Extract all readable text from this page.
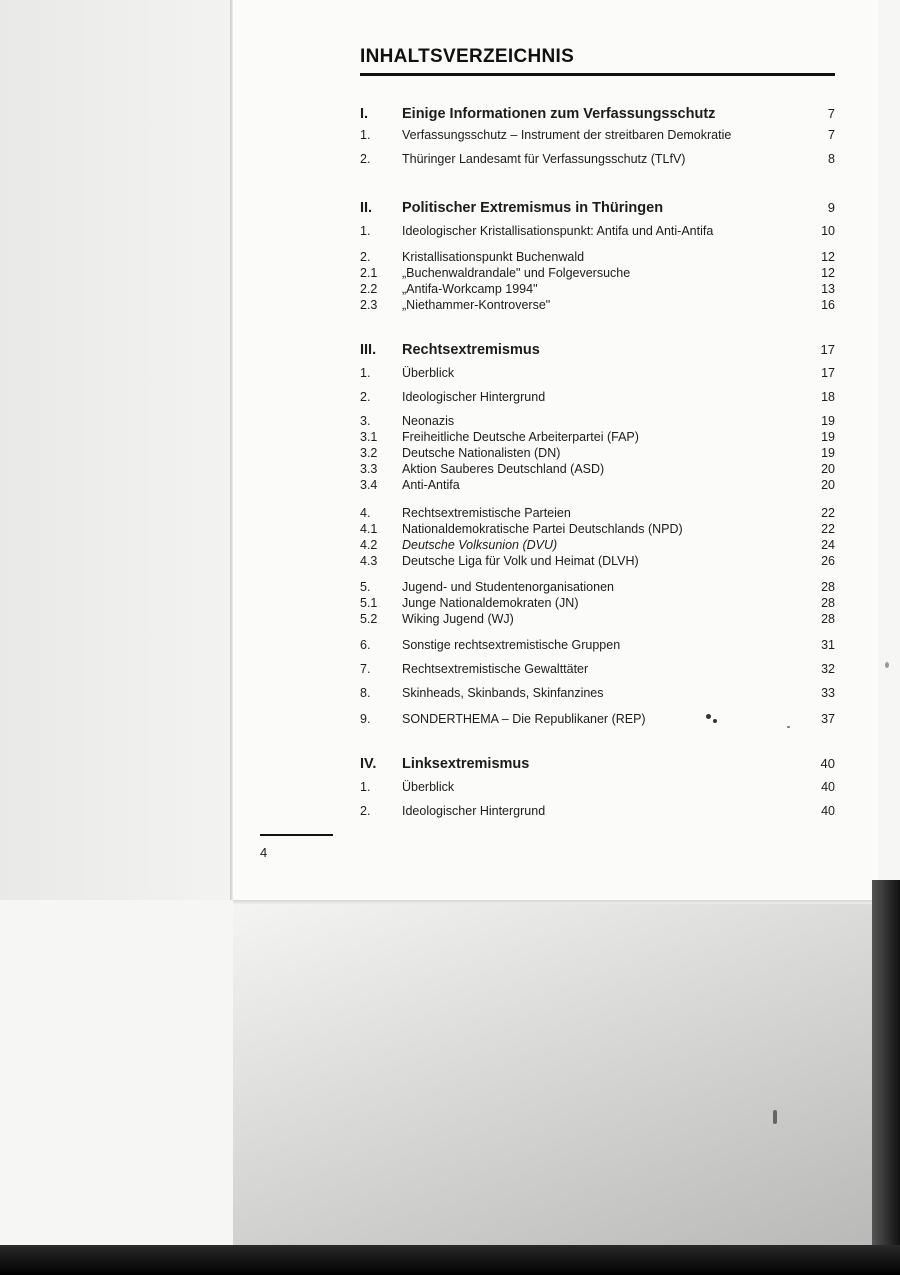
INHALTSVERZEICHNIS
I. Einige Informationen zum Verfassungsschutz	7
1.	Verfassungsschutz – Instrument der streitbaren Demokratie	7
2.	Thüringer Landesamt für Verfassungsschutz (TLfV)	8
II. Politischer Extremismus in Thüringen	9
1.	Ideologischer Kristallisationspunkt: Antifa und Anti-Antifa	10
2.	Kristallisationspunkt Buchenwald	12
2.1 „Buchenwaldrandale" und Folgeversuche	12
2.2 „Antifa-Workcamp 1994"	13
2.3 „Niethammer-Kontroverse"	16
III. Rechtsextremismus	17
1.	Überblick	17
2.	Ideologischer Hintergrund	18
3.	Neonazis	19
3.1 Freiheitliche Deutsche Arbeiterpartei (FAP)	19
3.2 Deutsche Nationalisten (DN)	19
3.3 Aktion Sauberes Deutschland (ASD)	20
3.4 Anti-Antifa	20
4.	Rechtsextremistische Parteien	22
4.1 Nationaldemokratische Partei Deutschlands (NPD)	22
4.2 Deutsche Volksunion (DVU)	24
4.3 Deutsche Liga für Volk und Heimat (DLVH)	26
5.	Jugend- und Studentenorganisationen	28
5.1 Junge Nationaldemokraten (JN)	28
5.2 Wiking Jugend (WJ)	28
6.	Sonstige rechtsextremistische Gruppen	31
7.	Rechtsextremistische Gewalttäter	32
8.	Skinheads, Skinbands, Skinfanzines	33
9.	SONDERTHEMA – Die Republikaner (REP)	37
IV. Linksextremismus	40
1.	Überblick	40
2.	Ideologischer Hintergrund	40
4
